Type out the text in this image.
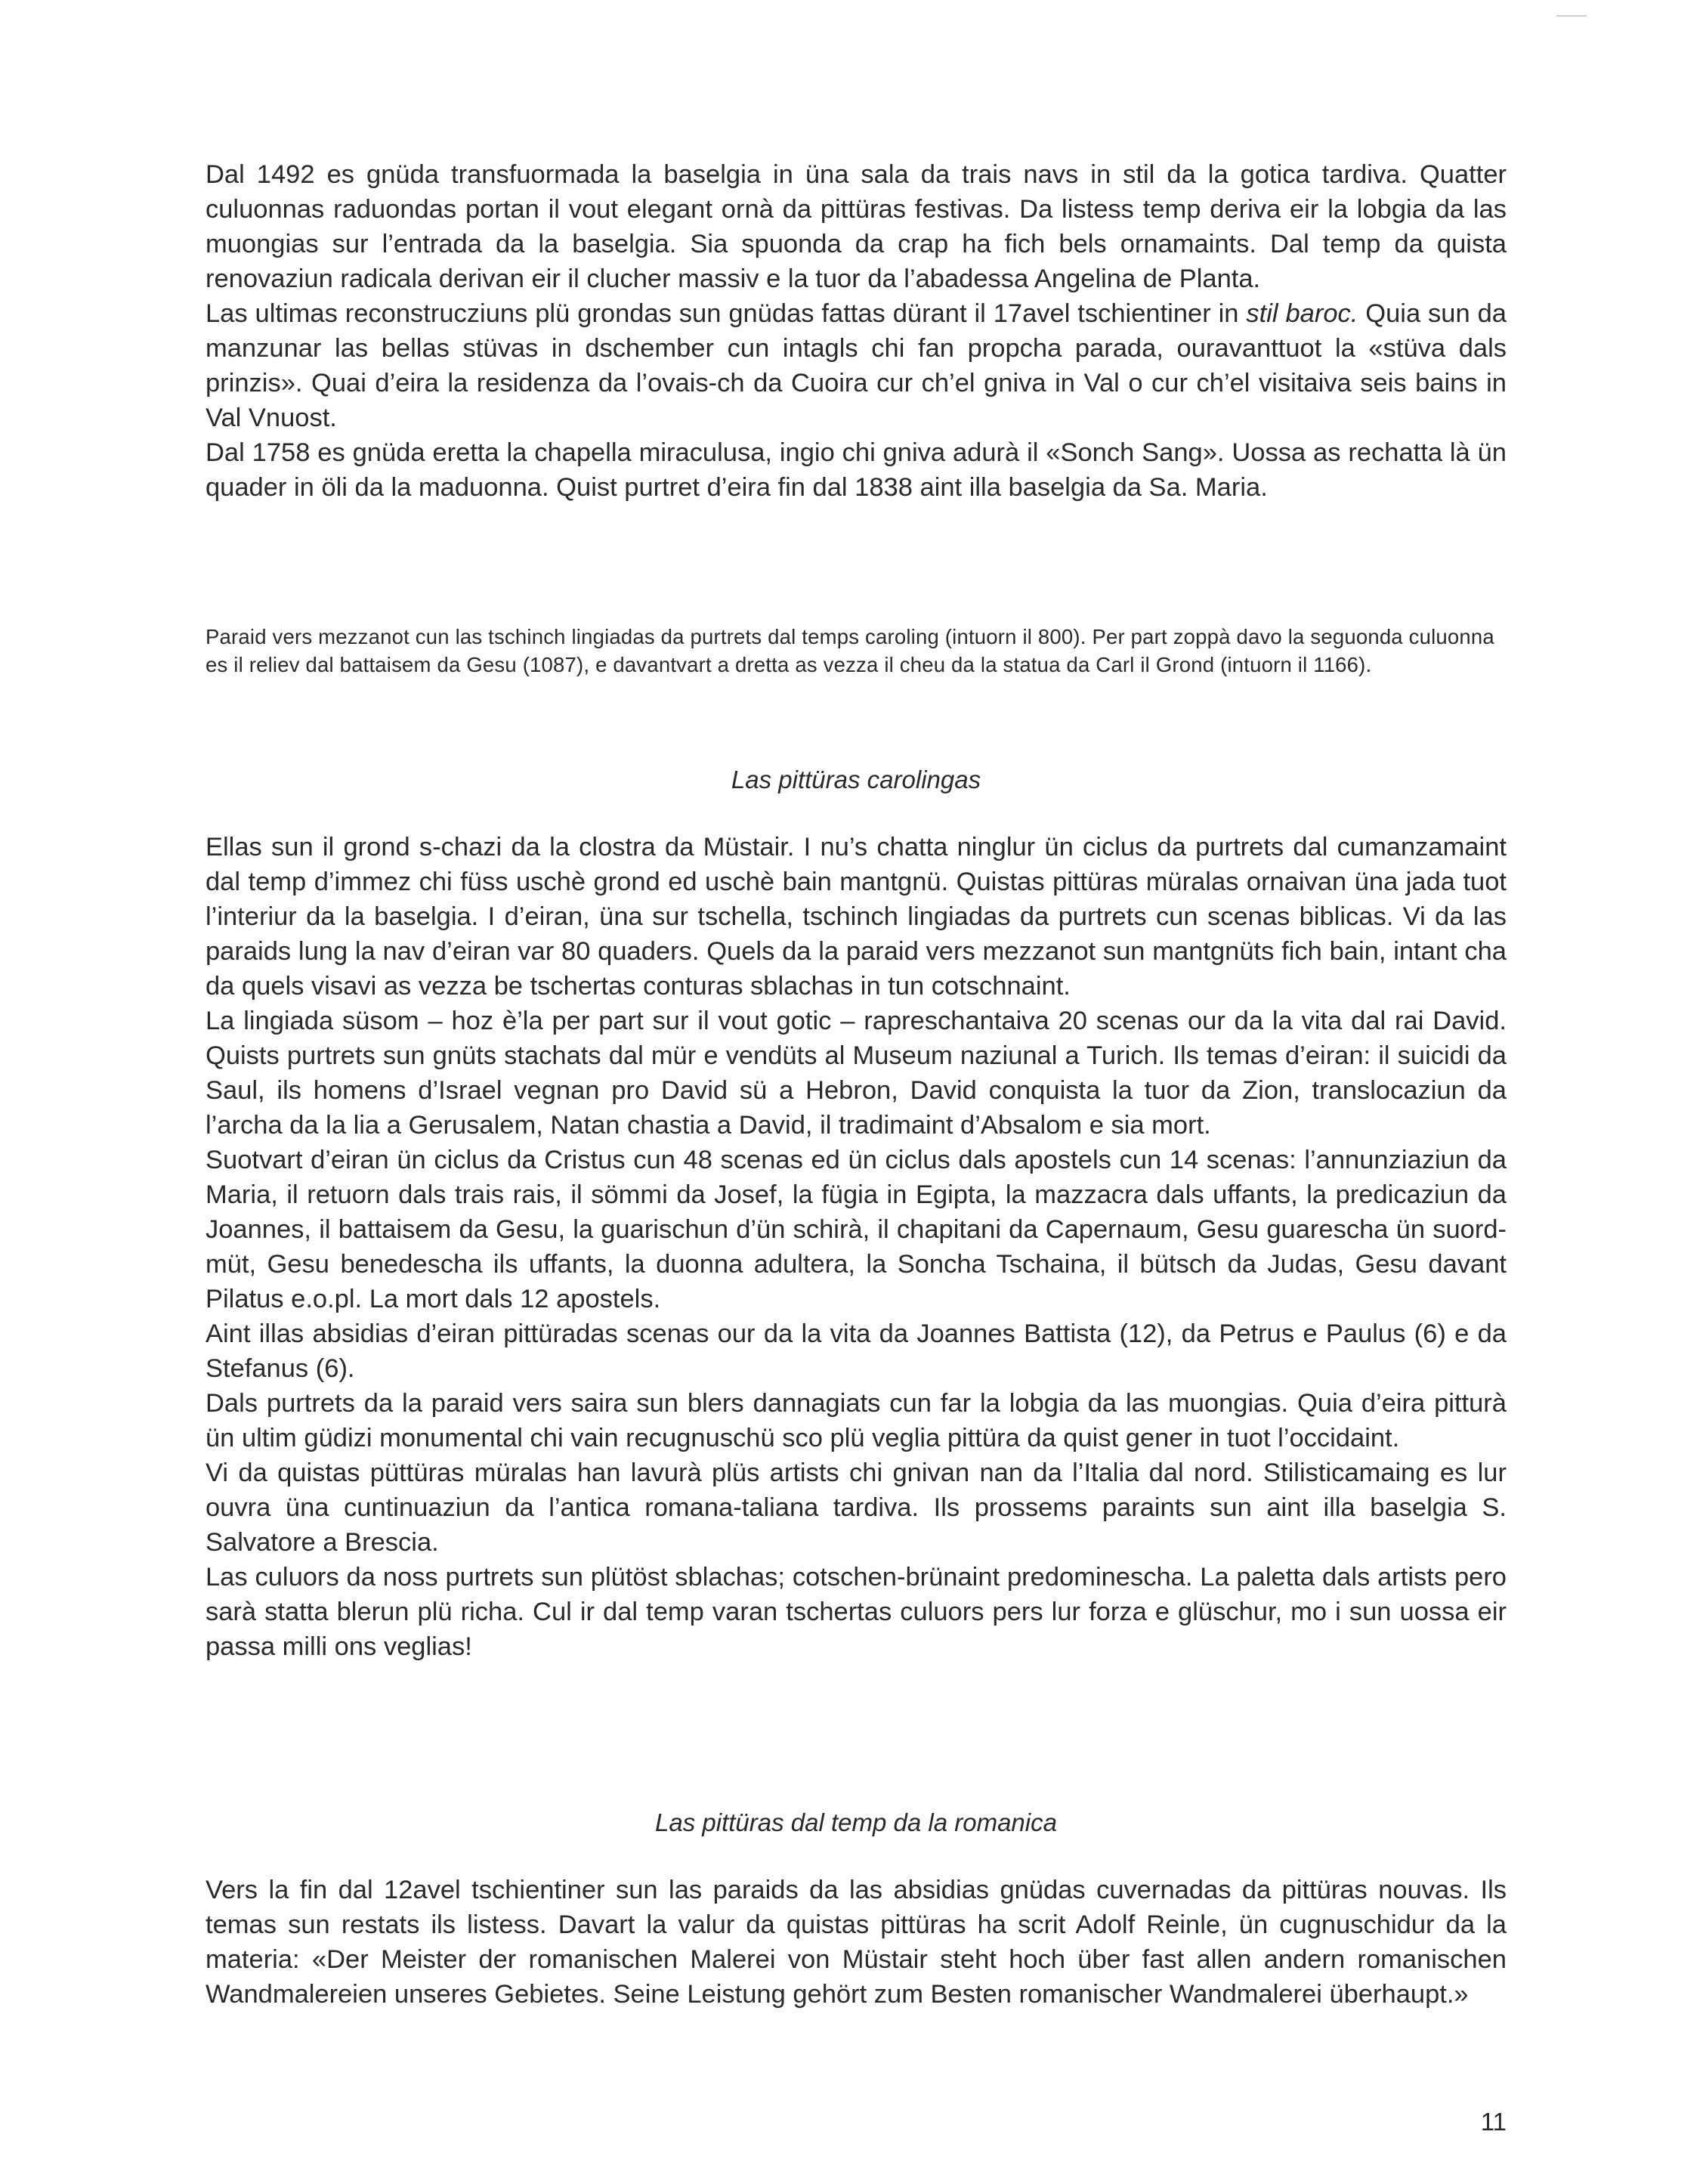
Dal 1492 es gnüda transfuormada la baselgia in üna sala da trais navs in stil da la gotica tardiva. Quatter culuonnas raduondas portan il vout elegant ornà da pittüras festivas. Da listess temp deriva eir la lobgia da las muongias sur l’entrada da la baselgia. Sia spuonda da crap ha fich bels ornamaints. Dal temp da quista renovaziun radicala derivan eir il clucher massiv e la tuor da l’abadessa Angelina de Planta.

Las ultimas reconstrucziuns plü grondas sun gnüdas fattas dürant il 17avel tschientiner in stil baroc. Quia sun da manzunar las bellas stüvas in dschember cun intagls chi fan propcha parada, ouravanttuot la «stüva dals prinzis». Quai d’eira la residenza da l’ovais-ch da Cuoira cur ch’el gniva in Val o cur ch’el visitaiva seis bains in Val Vnuost.

Dal 1758 es gnüda eretta la chapella miraculusa, ingio chi gniva adurà il «Sonch Sang». Uossa as rechatta là ün quader in öli da la maduonna. Quist purtret d’eira fin dal 1838 aint illa baselgia da Sa. Maria.

Paraid vers mezzanot cun las tschinch lingiadas da purtrets dal temps caroling (intuorn il 800). Per part zoppà davo la seguonda culuonna es il reliev dal battaisem da Gesu (1087), e davantvart a dretta as vezza il cheu da la statua da Carl il Grond (intuorn il 1166).

Las pittüras carolingas

Ellas sun il grond s-chazi da la clostra da Müstair. I nu’s chatta ninglur ün ciclus da purtrets dal cumanzamaint dal temp d’immez chi füss uschè grond ed uschè bain mantgnü. Quistas pittüras müralas ornaivan üna jada tuot l’interiur da la baselgia. I d’eiran, üna sur tschella, tschinch lingiadas da purtrets cun scenas biblicas. Vi da las paraids lung la nav d’eiran var 80 quaders. Quels da la paraid vers mezzanot sun mantgnüts fich bain, intant cha da quels visavi as vezza be tschertas conturas sblachas in tun cotschnaint.

La lingiada süsom – hoz è’la per part sur il vout gotic – rapreschantaiva 20 scenas our da la vita dal rai David. Quists purtrets sun gnüts stachats dal mür e vendüts al Museum naziunal a Turich. Ils temas d’eiran: il suicidi da Saul, ils homens d’Israel vegnan pro David sü a Hebron, David conquista la tuor da Zion, translocaziun da l’archa da la lia a Gerusalem, Natan chastia a David, il tradimaint d’Absalom e sia mort.

Suotvart d’eiran ün ciclus da Cristus cun 48 scenas ed ün ciclus dals apostels cun 14 scenas: l’annunziaziun da Maria, il retuorn dals trais rais, il sömmi da Josef, la fügia in Egipta, la mazzacra dals uffants, la predicaziun da Joannes, il battaisem da Gesu, la guarischun d’ün schirà, il chapitani da Capernaum, Gesu guarescha ün suord-müt, Gesu benedescha ils uffants, la duonna adultera, la Soncha Tschaina, il bütsch da Judas, Gesu davant Pilatus e.o.pl. La mort dals 12 apostels.

Aint illas absidias d’eiran pittüradas scenas our da la vita da Joannes Battista (12), da Petrus e Paulus (6) e da Stefanus (6).

Dals purtrets da la paraid vers saira sun blers dannagiats cun far la lobgia da las muongias. Quia d’eira pitturà ün ultim güdizi monumental chi vain recugnuschü sco plü veglia pittüra da quist gener in tuot l’occidaint.

Vi da quistas püttüras müralas han lavurà plüs artists chi gnivan nan da l’Italia dal nord. Stilisticamaing es lur ouvra üna cuntinuaziun da l’antica romana-taliana tardiva. Ils prossems paraints sun aint illa baselgia S. Salvatore a Brescia.

Las culuors da noss purtrets sun plütöst sblachas; cotschen-brünaint predominescha. La paletta dals artists pero sarà statta blerun plü richa. Cul ir dal temp varan tschertas culuors pers lur forza e glüschur, mo i sun uossa eir passa milli ons veglias!

Las pittüras dal temp da la romanica

Vers la fin dal 12avel tschientiner sun las paraids da las absidias gnüdas cuvernadas da pittüras nouvas. Ils temas sun restats ils listess. Davart la valur da quistas pittüras ha scrit Adolf Reinle, ün cugnuschidur da la materia: «Der Meister der romanischen Malerei von Müstair steht hoch über fast allen andern romanischen Wandmalereien unseres Gebietes. Seine Leistung gehört zum Besten romanischer Wandmalerei überhaupt.»

11
